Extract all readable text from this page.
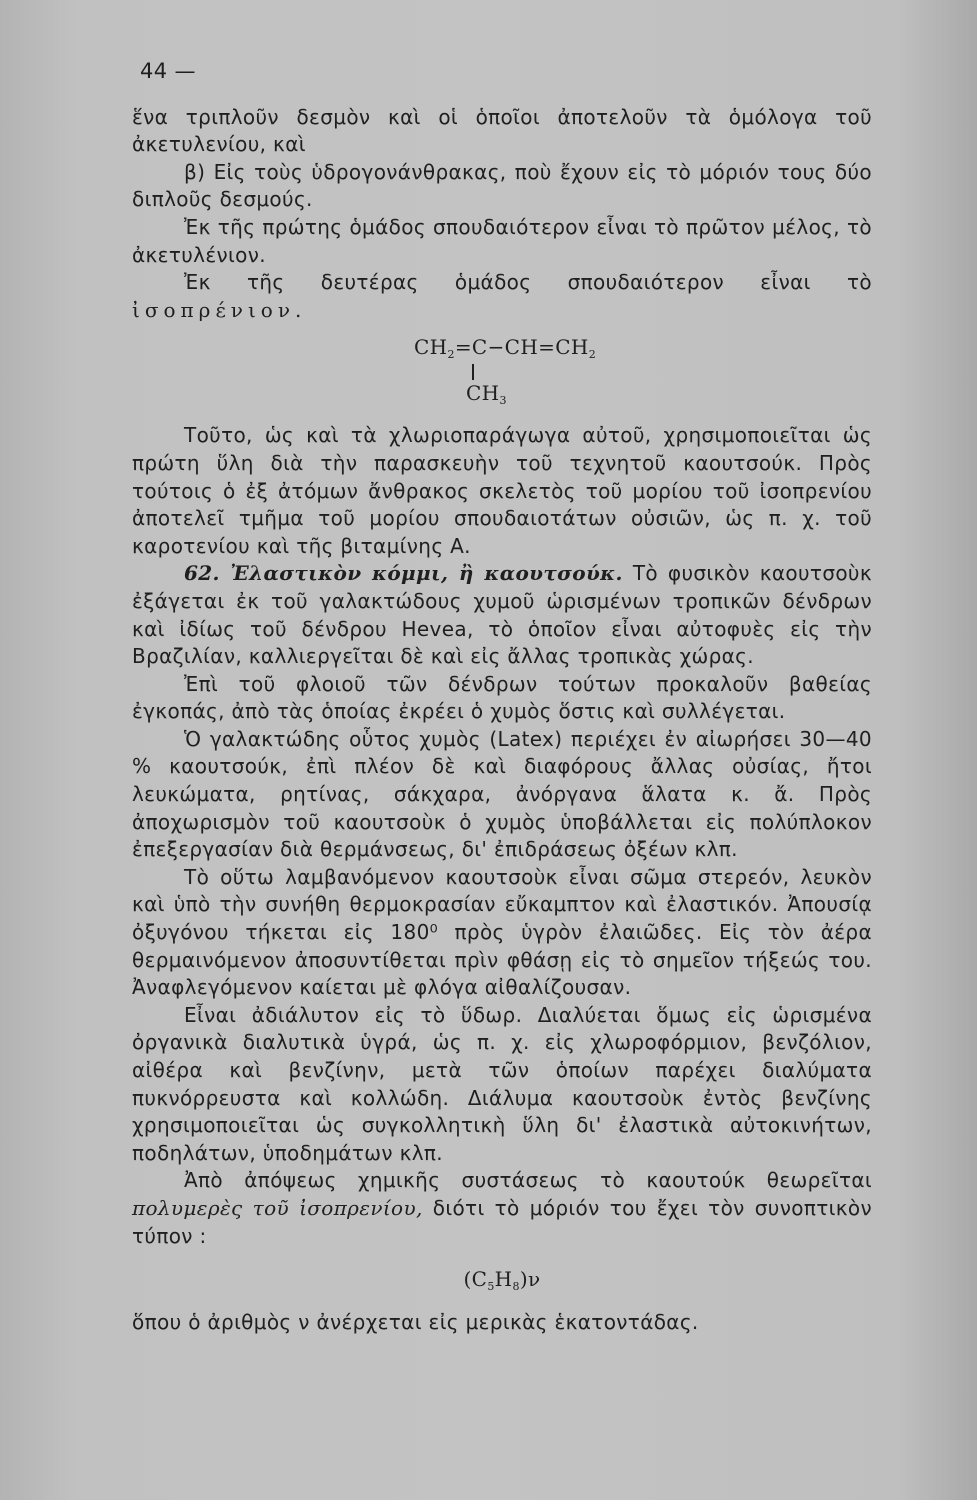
44 —

ἕνα τριπλοῦν δεσμὸν καὶ οἱ ὁποῖοι ἀποτελοῦν τὰ ὁμόλογα τοῦ ἀκετυλενίου, καὶ

β) Εἰς τοὺς ὑδρογονάνθρακας, ποὺ ἔχουν εἰς τὸ μόριόν τους δύο διπλοῦς δεσμούς.

Ἐκ τῆς πρώτης ὁμάδος σπουδαιότερον εἶναι τὸ πρῶτον μέλος, τὸ ἀκετυλένιον.

Ἐκ τῆς δευτέρας ὁμάδος σπουδαιότερον εἶναι τὸ ἰσοπρένιον.

$CH_2=C-CH=CH_2$
$CH_3$

Τοῦτο, ὡς καὶ τὰ χλωριοπαράγωγα αὐτοῦ, χρησιμοποιεῖται ὡς πρώτη ὕλη διὰ τὴν παρασκευὴν τοῦ τεχνητοῦ καουτσούκ. Πρὸς τούτοις ὁ ἐξ ἀτόμων ἄνθρακος σκελετὸς τοῦ μορίου τοῦ ἰσοπρενίου ἀποτελεῖ τμῆμα τοῦ μορίου σπουδαιοτάτων οὐσιῶν, ὡς π. χ. τοῦ καροτενίου καὶ τῆς βιταμίνης Α.

62. Ἐλαστικὸν κόμμι, ἢ καουτσούκ. Τὸ φυσικὸν καουτσοὺκ ἐξάγεται ἐκ τοῦ γαλακτώδους χυμοῦ ὡρισμένων τροπικῶν δένδρων καὶ ἰδίως τοῦ δένδρου Hevea, τὸ ὁποῖον εἶναι αὐτοφυὲς εἰς τὴν Βραζιλίαν, καλλιεργεῖται δὲ καὶ εἰς ἄλλας τροπικὰς χώρας.

Ἐπὶ τοῦ φλοιοῦ τῶν δένδρων τούτων προκαλοῦν βαθείας ἐγκοπάς, ἀπὸ τὰς ὁποίας ἐκρέει ὁ χυμὸς ὅστις καὶ συλλέγεται.

Ὁ γαλακτώδης οὗτος χυμὸς (Latex) περιέχει ἐν αἰωρήσει 30—40 % καουτσούκ, ἐπὶ πλέον δὲ καὶ διαφόρους ἄλλας οὐσίας, ἤτοι λευκώματα, ρητίνας, σάκχαρα, ἀνόργανα ἅλατα κ. ἄ. Πρὸς ἀποχωρισμὸν τοῦ καουτσοὺκ ὁ χυμὸς ὑποβάλλεται εἰς πολύπλοκον ἐπεξεργασίαν διὰ θερμάνσεως, δι' ἐπιδράσεως ὀξέων κλπ.

Τὸ οὕτω λαμβανόμενον καουτσοὺκ εἶναι σῶμα στερεόν, λευκὸν καὶ ὑπὸ τὴν συνήθη θερμοκρασίαν εὔκαμπτον καὶ ἐλαστικόν. Ἀπουσίᾳ ὀξυγόνου τήκεται εἰς 180⁰ πρὸς ὑγρὸν ἐλαιῶδες. Εἰς τὸν ἀέρα θερμαινόμενον ἀποσυντίθεται πρὶν φθάσῃ εἰς τὸ σημεῖον τήξεώς του. Ἀναφλεγόμενον καίεται μὲ φλόγα αἰθαλίζουσαν.

Εἶναι ἀδιάλυτον εἰς τὸ ὕδωρ. Διαλύεται ὅμως εἰς ὡρισμένα ὀργανικὰ διαλυτικὰ ὑγρά, ὡς π. χ. εἰς χλωροφόρμιον, βενζόλιον, αἰθέρα καὶ βενζίνην, μετὰ τῶν ὁποίων παρέχει διαλύματα πυκνόρρευστα καὶ κολλώδη. Διάλυμα καουτσοὺκ ἐντὸς βενζίνης χρησιμοποιεῖται ὡς συγκολλητικὴ ὕλη δι' ἐλαστικὰ αὐτοκινήτων, ποδηλάτων, ὑποδημάτων κλπ.

Ἀπὸ ἀπόψεως χημικῆς συστάσεως τὸ καουτούκ θεωρεῖται πολυμερὲς τοῦ ἰσοπρενίου, διότι τὸ μόριόν του ἔχει τὸν συνοπτικὸν τύπον :

$(C_5H_8)\nu$

ὅπου ὁ ἀριθμὸς ν ἀνέρχεται εἰς μερικὰς ἑκατοντάδας.
